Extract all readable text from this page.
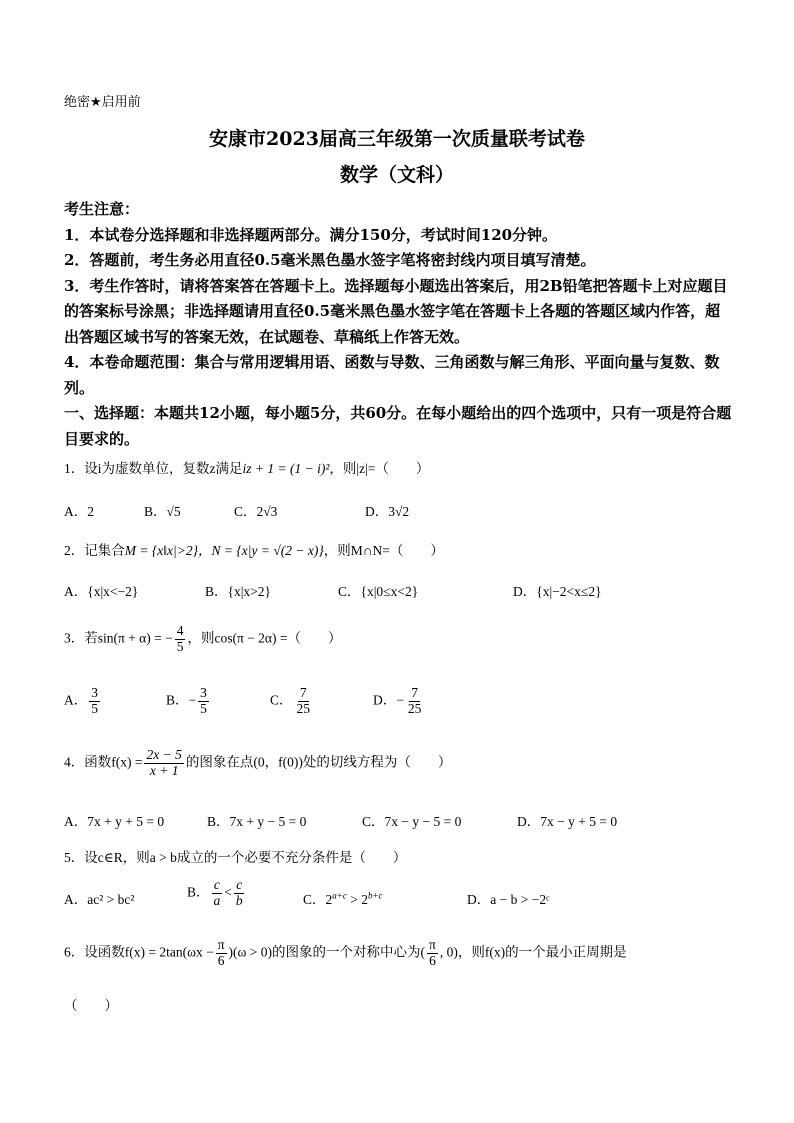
绝密★启用前
安康市2023届高三年级第一次质量联考试卷
数学（文科）
考生注意：
1．本试卷分选择题和非选择题两部分。满分150分，考试时间120分钟。
2．答题前，考生务必用直径0.5毫米黑色墨水签字笔将密封线内项目填写清楚。
3．考生作答时，请将答案答在答题卡上。选择题每小题选出答案后，用2B铅笔把答题卡上对应题目的答案标号涂黑；非选择题请用直径0.5毫米黑色墨水签字笔在答题卡上各题的答题区域内作答，超出答题区域书写的答案无效，在试题卷、草稿纸上作答无效。
4．本卷命题范围：集合与常用逻辑用语、函数与导数、三角函数与解三角形、平面向量与复数、数列。
一、选择题：本题共12小题，每小题5分，共60分。在每小题给出的四个选项中，只有一项是符合题目要求的。
1．设i为虚数单位，复数z满足iz + 1 = (1 − i)²，则|z|=（　　）
A．2	B．√5	C．2√3	D．3√2
2．记集合M = {x‖x|>2}，N = {x|y = √(2 − x)}，则M∩N=（　　）
A．{x|x<−2}	B．{x|x>2}	C．{x|0≤x<2}	D．{x|−2<x≤2}
3．若sin(π + α) = − $\frac{4}{5}$ ，则cos(π − 2α) =（　　）
A． $\frac{3}{5}$	B．− $\frac{3}{5}$	C． $\frac{7}{25}$	D．− $\frac{7}{25}$
4．函数$f(x) = \frac{2x - 5}{x + 1}$ 的图象在点(0，f(0))处的切线方程为（　　）
A．7x + y + 5 = 0	B．7x + y − 5 = 0	C．7x − y − 5 = 0	D．7x − y + 5 = 0
5．设c∈R，则a > b成立的一个必要不充分条件是（　　）
A．ac² > bc²
B． $\frac{c}{a} < \frac{c}{b}$	C．$2^{a+c} > 2^{b+c}$	D．a − b > −2ᶜ
6．设函数$f(x) = 2\tan(\omega x - \frac{\pi}{6} )(\omega > 0)$的图象的一个对称中心为( $\frac{\pi}{6}$ , 0)，则f(x)的一个最小正周期是
（　　）
